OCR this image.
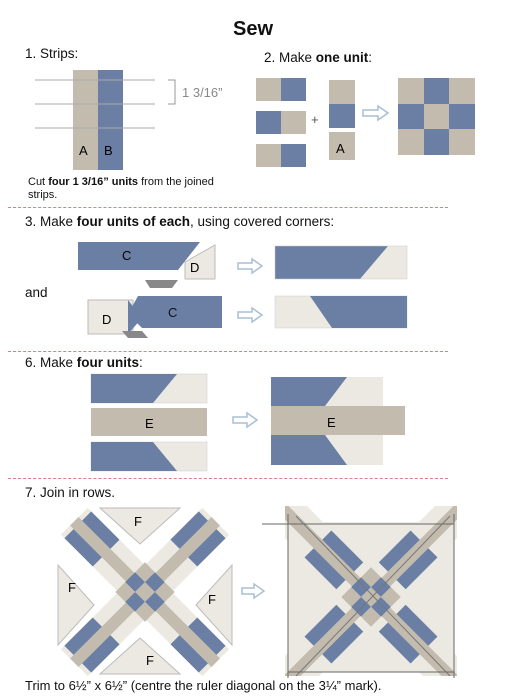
Sew
1. Strips:
A B
1 3/16”
Cut four 1 3/16” units from the joined strips.
2. Make one unit:
+
A
3. Make four units of each, using covered corners:
and
C
D
D	C
6. Make four units:
E	E
7. Join in rows.
F
F
F
F
Trim to 6½” x 6½” (centre the ruler diagonal on the 3¼” mark).
